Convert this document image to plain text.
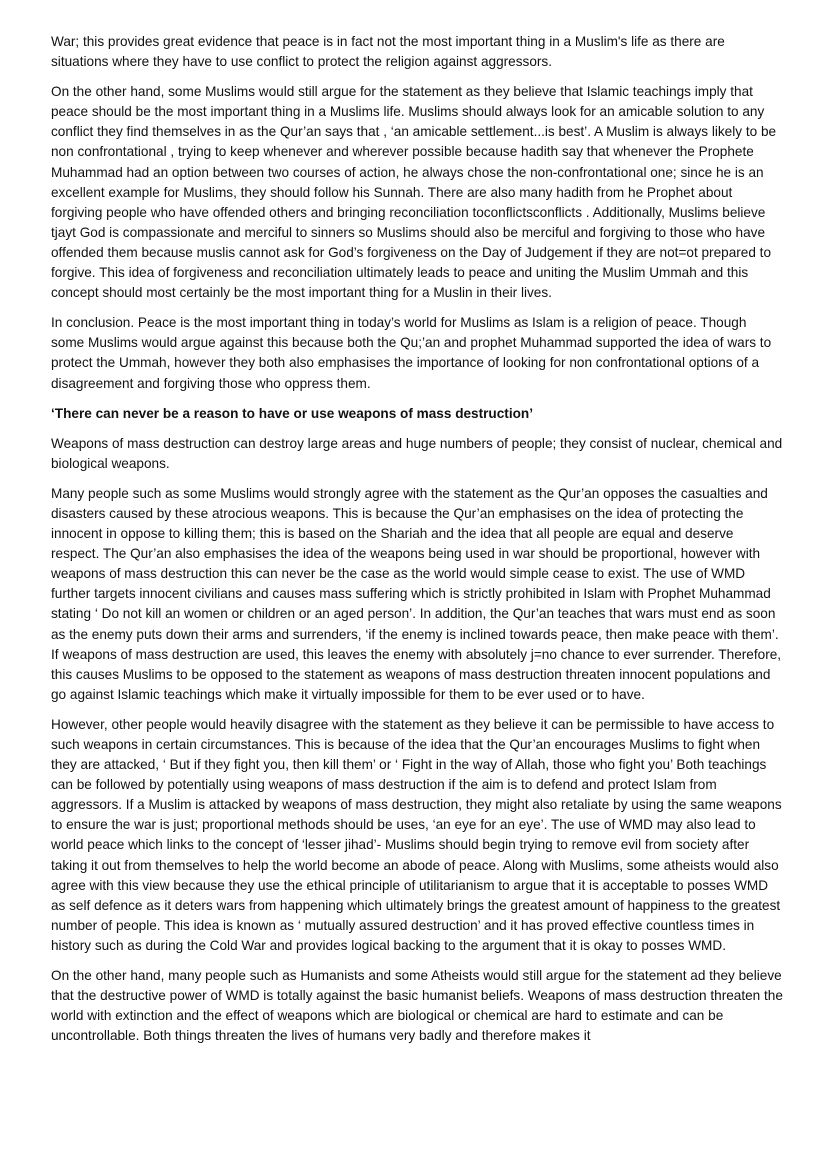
War; this provides great evidence that peace is in fact not the most important thing in a Muslim's life as there are situations where they have to use conflict to protect the religion against aggressors.

On the other hand, some Muslims would still argue for the statement as they believe that Islamic teachings imply that peace should be the most important thing in a Muslims life. Muslims should always look for an amicable solution to any conflict they find themselves in as the Qur’an says that , ‘an amicable settlement...is best’. A Muslim is always likely to be non confrontational , trying to keep whenever and wherever possible because hadith say that whenever the Prophete Muhammad had an option between two courses of action, he always chose the non-confrontational one; since he is an excellent example for Muslims, they should follow his Sunnah. There are also many hadith from he Prophet about forgiving people who have offended others and bringing reconciliation toconflictsconflicts . Additionally, Muslims believe tjayt God is compassionate and merciful to sinners so Muslims should also be merciful and forgiving to those who have offended them because muslis cannot ask for God’s forgiveness on the Day of Judgement if they are not=ot prepared to forgive. This idea of forgiveness and reconciliation ultimately leads to peace and uniting the Muslim Ummah and this concept should most certainly be the most important thing for a Muslin in their lives.

In conclusion. Peace is the most important thing in today’s world for Muslims as Islam is a religion of peace. Though some Muslims would argue against this because both the Qu;’an and prophet Muhammad supported the idea of wars to protect the Ummah, however they both also emphasises the importance of looking for non confrontational options of a disagreement and forgiving those who oppress them.

‘There can never be a reason to have or use weapons of mass destruction’

Weapons of mass destruction can destroy large areas and huge numbers of people; they consist of nuclear, chemical and biological weapons.

Many people such as some Muslims would strongly agree with the statement as the Qur’an opposes the casualties and disasters caused by these atrocious weapons. This is because the Qur’an emphasises on the idea of protecting the innocent in oppose to killing them; this is based on the Shariah and the idea that all people are equal and deserve respect. The Qur’an also emphasises the idea of the weapons being used in war should be proportional, however with weapons of mass destruction this can never be the case as the world would simple cease to exist. The use of WMD further targets innocent civilians and causes mass suffering which is strictly prohibited in Islam with Prophet Muhammad stating ‘ Do not kill an women or children or an aged person’. In addition, the Qur’an teaches that wars must end as soon as the enemy puts down their arms and surrenders, ‘if the enemy is inclined towards peace, then make peace with them’. If weapons of mass destruction are used, this leaves the enemy with absolutely j=no chance to ever surrender. Therefore, this causes Muslims to be opposed to the statement as weapons of mass destruction threaten innocent populations and go against Islamic teachings which make it virtually impossible for them to be ever used or to have.

However, other people would heavily disagree with the statement as they believe it can be permissible to have access to such weapons in certain circumstances. This is because of the idea that the Qur’an encourages Muslims to fight when they are attacked, ‘ But if they fight you, then kill them’ or ‘ Fight in the way of Allah, those who fight you’ Both teachings can be followed by potentially using weapons of mass destruction if the aim is to defend and protect Islam from aggressors. If a Muslim is attacked by weapons of mass destruction, they might also retaliate by using the same weapons to ensure the war is just; proportional methods should be uses, ‘an eye for an eye’. The use of WMD may also lead to world peace which links to the concept of ‘lesser jihad’- Muslims should begin trying to remove evil from society after taking it out from themselves to help the world become an abode of peace. Along with Muslims, some atheists would also agree with this view because they use the ethical principle of utilitarianism to argue that it is acceptable to posses WMD as self defence as it deters wars from happening which ultimately brings the greatest amount of happiness to the greatest number of people. This idea is known as ‘ mutually assured destruction’ and it has proved effective countless times in history such as during the Cold War and provides logical backing to the argument that it is okay to posses WMD.

On the other hand, many people such as Humanists and some Atheists would still argue for the statement ad they believe that the destructive power of WMD is totally against the basic humanist beliefs. Weapons of mass destruction threaten the world with extinction and the effect of weapons which are biological or chemical are hard to estimate and can be uncontrollable. Both things threaten the lives of humans very badly and therefore makes it
